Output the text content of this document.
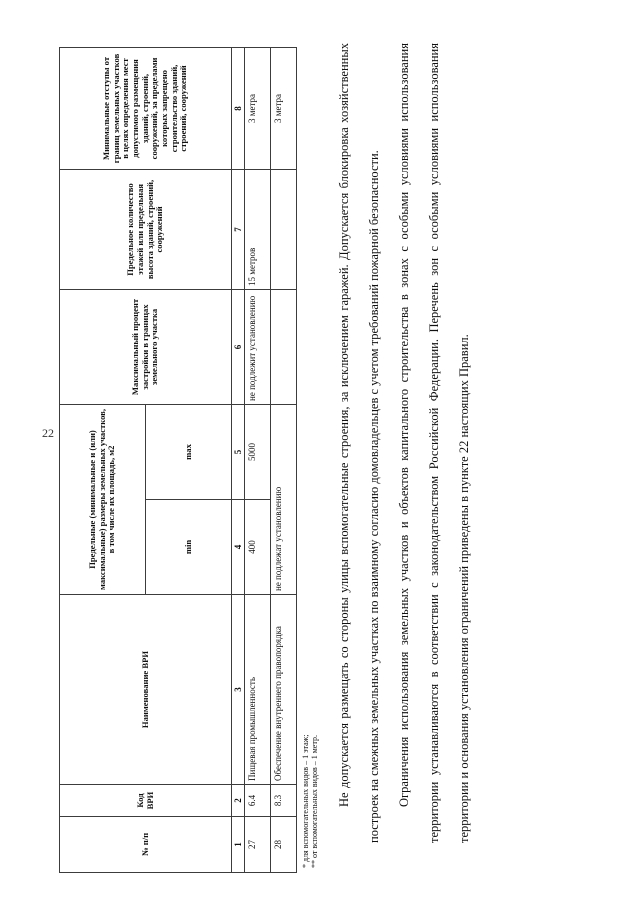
22
№ п/п	Код ВРИ	Наименование ВРИ	Предельные (минимальные и (или) максимальные) размеры земельных участков, в том числе их площадь, м2		Максимальный процент застройки в границах земельного участка	Предельное количество этажей или предельная высота зданий, строений, сооружений	Минимальные отступы от границ земельных участков в целях определения мест допустимого размещения зданий, строений, сооружений, за пределами которых запрещено строительство зданий, строений, сооружений
			min	max			
1	2	3	4	5	6	7	8
27	6.4	Пищевая промышленность	400	5000	не подлежит установлению	15 метров	3 метра
28	8.3	Обеспечение внутреннего правопорядка	не подлежат установлению				3 метра
* для вспомогательных видов – 1 этаж; ** от вспомогательных видов – 1 метр.	Не допускается размещать со стороны улицы вспомогательные строения, за исключением гаражей. Допускается блокировка хозяйственных построек на смежных земельных участках по взаимному согласию домовладельцев с учетом требований пожарной безопасности.	Ограничения использования земельных участков и объектов капитального строительства в зонах с особыми условиями использования территории устанавливаются в соответствии с законодательством Российской Федерации. Перечень зон с особыми условиями использования территории и основания установления ограничений приведены в пункте 22 настоящих Правил.
